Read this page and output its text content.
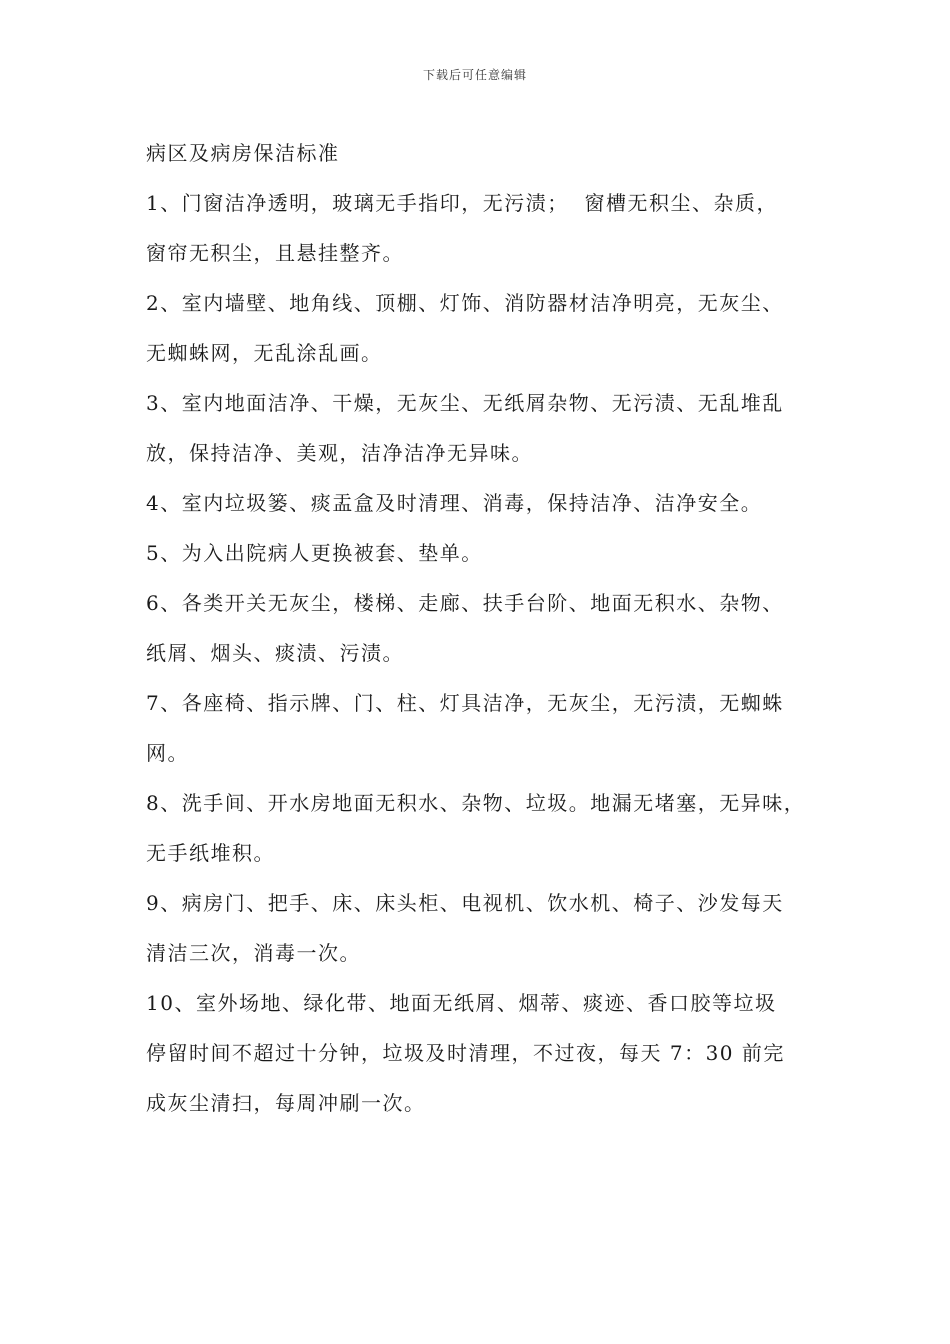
下载后可任意编辑
病区及病房保洁标准

1、门窗洁净透明，玻璃无手指印，无污渍；  窗槽无积尘、杂质，

窗帘无积尘，且悬挂整齐。

2、室内墙壁、地角线、顶棚、灯饰、消防器材洁净明亮，无灰尘、

无蜘蛛网，无乱涂乱画。

3、室内地面洁净、干燥，无灰尘、无纸屑杂物、无污渍、无乱堆乱

放，保持洁净、美观，洁净洁净无异味。

4、室内垃圾篓、痰盂盒及时清理、消毒，保持洁净、洁净安全。

5、为入出院病人更换被套、垫单。

6、各类开关无灰尘，楼梯、走廊、扶手台阶、地面无积水、杂物、

纸屑、烟头、痰渍、污渍。

7、各座椅、指示牌、门、柱、灯具洁净，无灰尘，无污渍，无蜘蛛

网。

8、洗手间、开水房地面无积水、杂物、垃圾。地漏无堵塞，无异味，

无手纸堆积。

9、病房门、把手、床、床头柜、电视机、饮水机、椅子、沙发每天

清洁三次，消毒一次。

10、室外场地、绿化带、地面无纸屑、烟蒂、痰迹、香口胶等垃圾

停留时间不超过十分钟，垃圾及时清理，不过夜，每天 7：30 前完

成灰尘清扫，每周冲刷一次。
